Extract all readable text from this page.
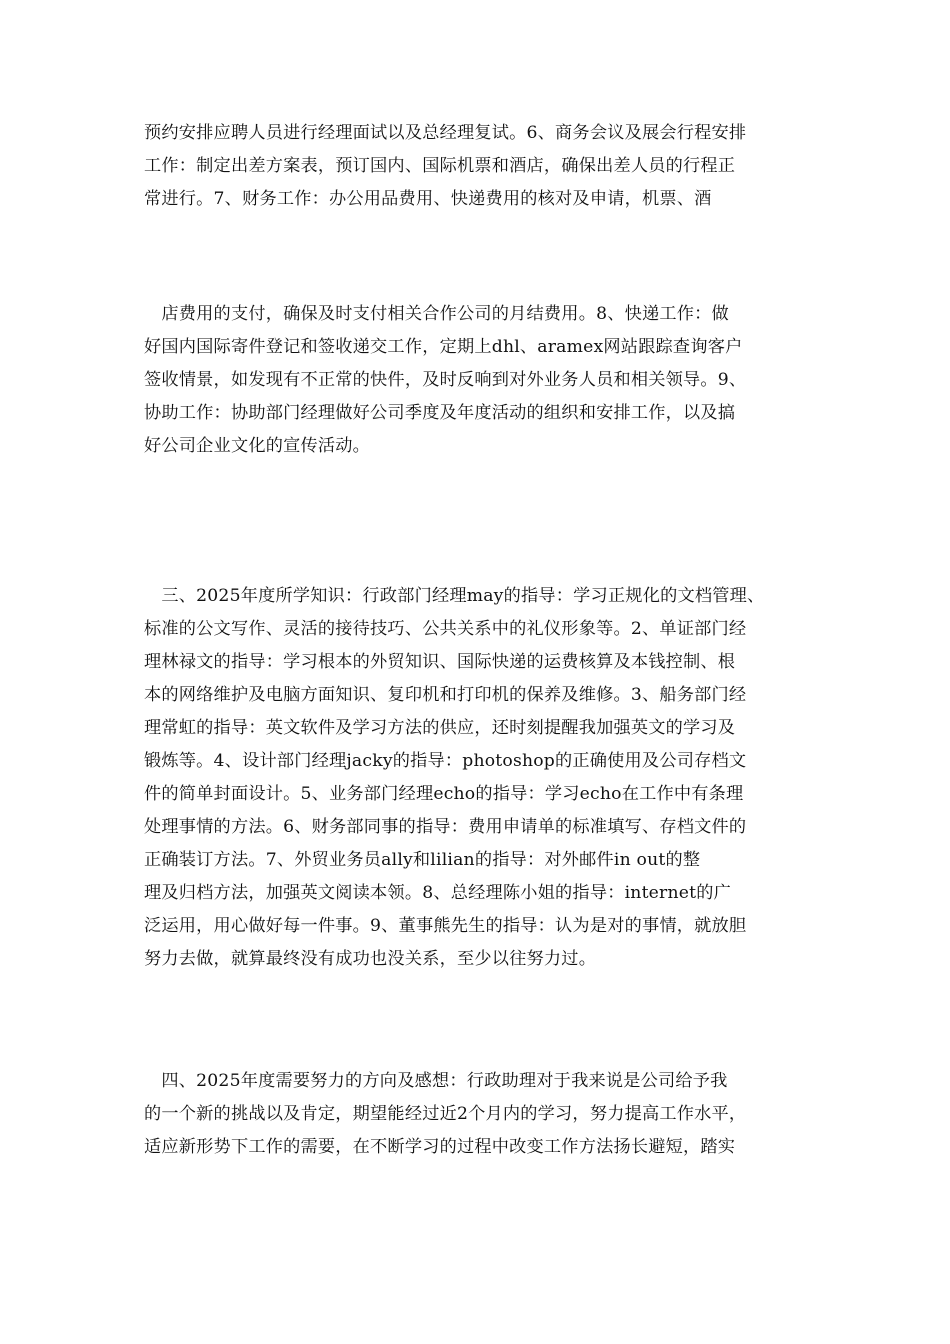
预约安排应聘人员进行经理面试以及总经理复试。6、商务会议及展会行程安排
工作：制定出差方案表，预订国内、国际机票和酒店，确保出差人员的行程正
常进行。7、财务工作：办公用品费用、快递费用的核对及申请，机票、酒

　店费用的支付，确保及时支付相关合作公司的月结费用。8、快递工作：做
好国内国际寄件登记和签收递交工作，定期上dhl、aramex网站跟踪查询客户
签收情景，如发现有不正常的快件，及时反响到对外业务人员和相关领导。9、
协助工作：协助部门经理做好公司季度及年度活动的组织和安排工作，以及搞
好公司企业文化的宣传活动。

　三、2025年度所学知识：行政部门经理may的指导：学习正规化的文档管理、
标准的公文写作、灵活的接待技巧、公共关系中的礼仪形象等。2、单证部门经
理林禄文的指导：学习根本的外贸知识、国际快递的运费核算及本钱控制、根
本的网络维护及电脑方面知识、复印机和打印机的保养及维修。3、船务部门经
理常虹的指导：英文软件及学习方法的供应，还时刻提醒我加强英文的学习及
锻炼等。4、设计部门经理jacky的指导：photoshop的正确使用及公司存档文
件的简单封面设计。5、业务部门经理echo的指导：学习echo在工作中有条理
处理事情的方法。6、财务部同事的指导：费用申请单的标准填写、存档文件的
正确装订方法。7、外贸业务员ally和lilian的指导：对外邮件in out的整
理及归档方法，加强英文阅读本领。8、总经理陈小姐的指导：internet的广
泛运用，用心做好每一件事。9、董事熊先生的指导：认为是对的事情，就放胆
努力去做，就算最终没有成功也没关系，至少以往努力过。

　四、2025年度需要努力的方向及感想：行政助理对于我来说是公司给予我
的一个新的挑战以及肯定，期望能经过近2个月内的学习，努力提高工作水平，
适应新形势下工作的需要，在不断学习的过程中改变工作方法扬长避短，踏实
